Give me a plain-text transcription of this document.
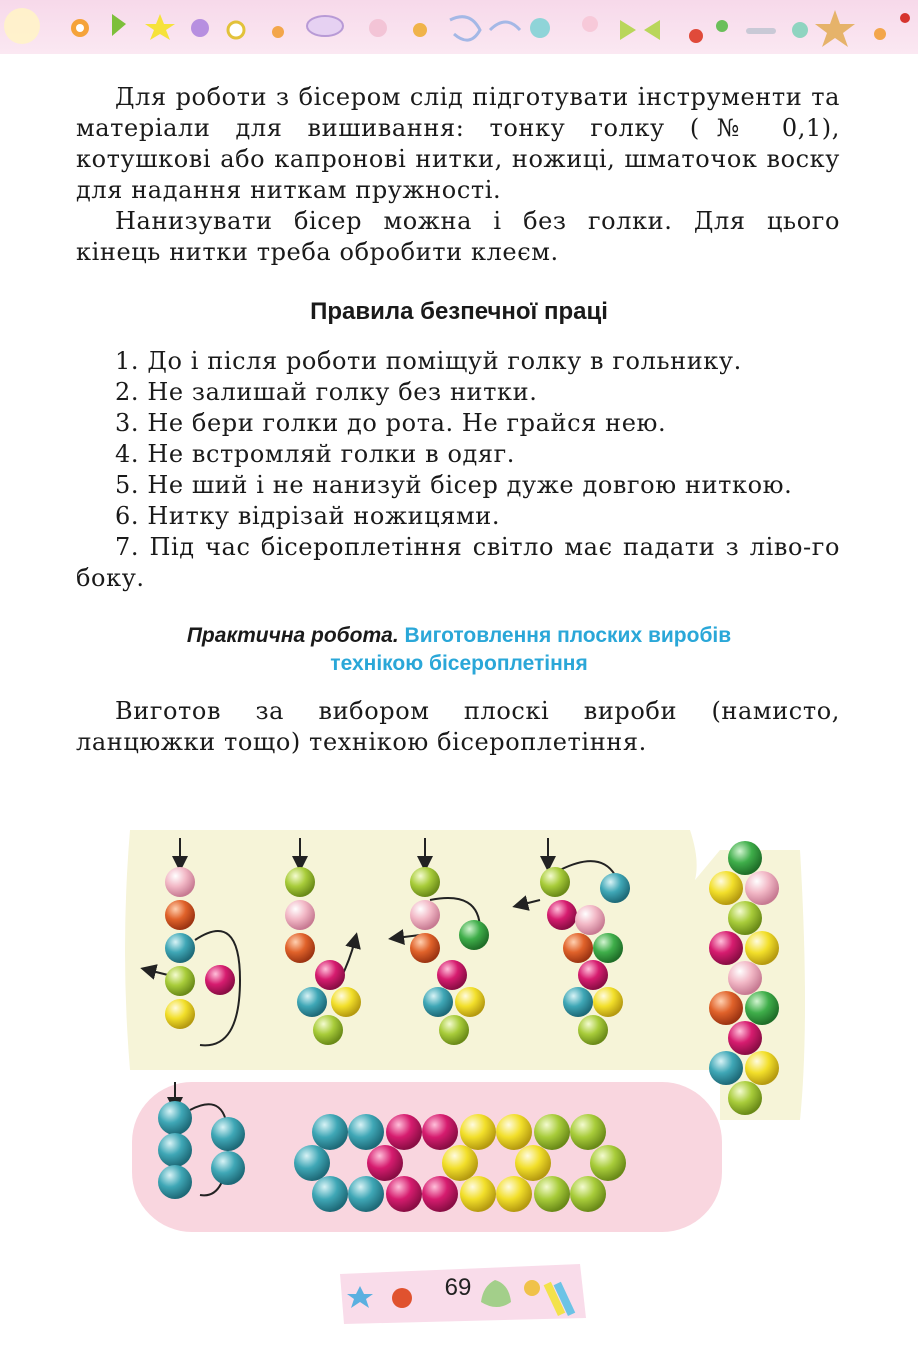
Для роботи з бісером слід підготувати інструменти та матеріали для вишивання: тонку голку (№ 0,1), котушкові або капронові нитки, ножиці, шматочок воску для надання ниткам пружності.

Нанизувати бісер можна і без голки. Для цього кінець нитки треба обробити клеєм.

Правила безпечної праці

1. До і після роботи поміщуй голку в гольнику.

2. Не залишай голку без нитки.

3. Не бери голки до рота. Не грайся нею.

4. Не встромляй голки в одяг.

5. Не ший і не нанизуй бісер дуже довгою ниткою.

6. Нитку відрізай ножицями.

7. Під час бісероплетіння світло має падати з ліво-го боку.

Практична робота. Виготовлення плоских виробів
технікою бісероплетіння

Виготов за вибором плоскі вироби (намисто, ланцюжки тощо) технікою бісероплетіння.

69
